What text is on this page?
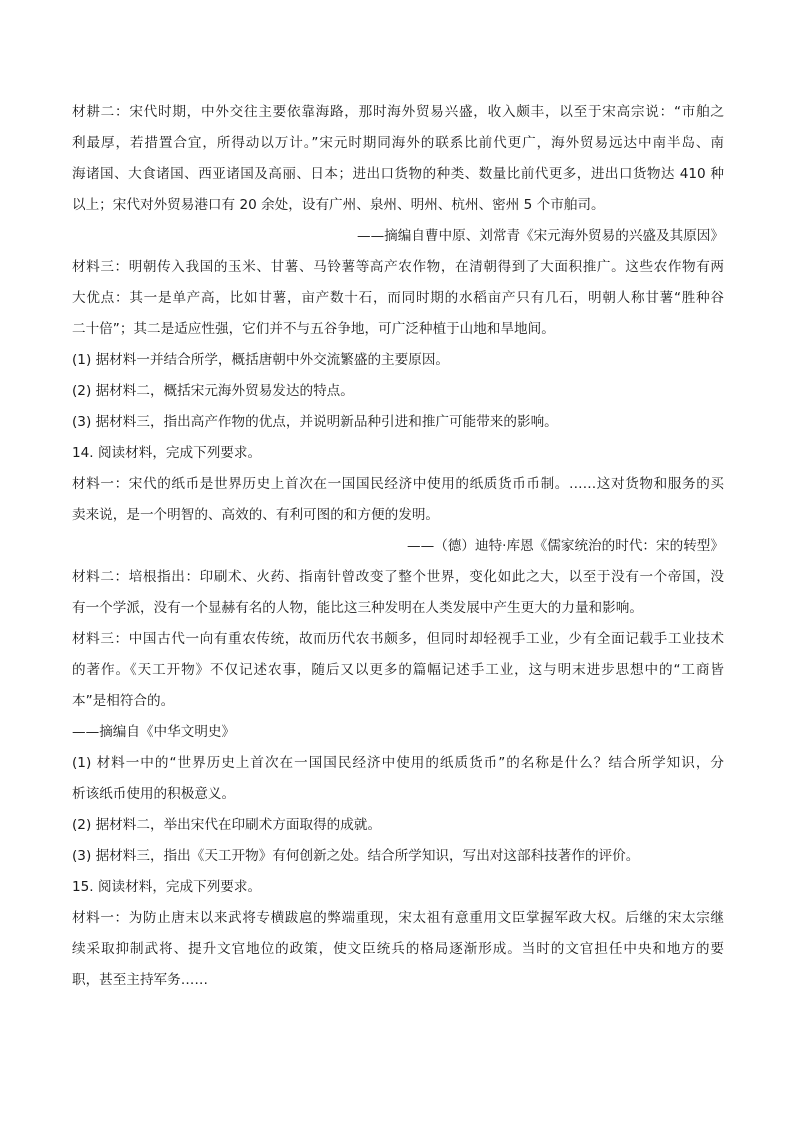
材耕二：宋代时期，中外交往主要依靠海路，那时海外贸易兴盛，收入颇丰，以至于宋高宗说：“市舶之
利最厚，若措置合宜，所得动以万计。”宋元时期同海外的联系比前代更广，海外贸易远达中南半岛、南
海诸国、大食诸国、西亚诸国及高丽、日本；进出口货物的种类、数量比前代更多，进出口货物达 410 种
以上；宋代对外贸易港口有 20 余处，设有广州、泉州、明州、杭州、密州 5 个市舶司。
——摘编自曹中原、刘常青《宋元海外贸易的兴盛及其原因》
材料三：明朝传入我国的玉米、甘薯、马铃薯等高产农作物，在清朝得到了大面积推广。这些农作物有两
大优点：其一是单产高，比如甘薯，亩产数十石，而同时期的水稻亩产只有几石，明朝人称甘薯“胜种谷
二十倍”；其二是适应性强，它们并不与五谷争地，可广泛种植于山地和旱地间。
(1) 据材料一并结合所学，概括唐朝中外交流繁盛的主要原因。
(2) 据材料二，概括宋元海外贸易发达的特点。
(3) 据材料三，指出高产作物的优点，并说明新品种引进和推广可能带来的影响。
14. 阅读材料，完成下列要求。
材料一：宋代的纸币是世界历史上首次在一国国民经济中使用的纸质货币币制。……这对货物和服务的买
卖来说，是一个明智的、高效的、有利可图的和方便的发明。
——（德）迪特·库恩《儒家统治的时代：宋的转型》
材料二：培根指出：印刷术、火药、指南针曾改变了整个世界，变化如此之大，以至于没有一个帝国，没
有一个学派，没有一个显赫有名的人物，能比这三种发明在人类发展中产生更大的力量和影响。
材料三：中国古代一向有重农传统，故而历代农书颇多，但同时却轻视手工业，少有全面记载手工业技术
的著作。《天工开物》不仅记述农事，随后又以更多的篇幅记述手工业，这与明末进步思想中的“工商皆
本”是相符合的。
——摘编自《中华文明史》
(1) 材料一中的“世界历史上首次在一国国民经济中使用的纸质货币”的名称是什么？结合所学知识，分
析该纸币使用的积极意义。
(2) 据材料二，举出宋代在印刷术方面取得的成就。
(3) 据材料三，指出《天工开物》有何创新之处。结合所学知识，写出对这部科技著作的评价。
15. 阅读材料，完成下列要求。
材料一：为防止唐末以来武将专横跋扈的弊端重现，宋太祖有意重用文臣掌握军政大权。后继的宋太宗继
续采取抑制武将、提升文官地位的政策，使文臣统兵的格局逐渐形成。当时的文官担任中央和地方的要
职，甚至主持军务……
